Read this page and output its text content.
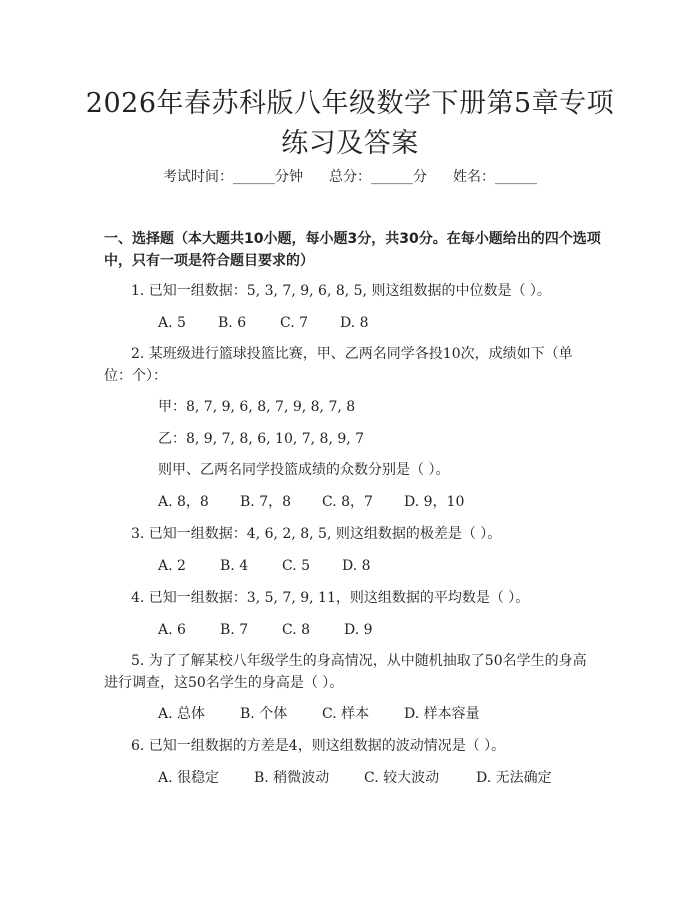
2026年春苏科版八年级数学下册第5章专项
练习及答案
考试时间：______分钟 总分：______分 姓名：______
一、选择题（本大题共10小题，每小题3分，共30分。在每小题给出的四个选项中，只有一项是符合题目要求的）
1. 已知一组数据：5, 3, 7, 9, 6, 8, 5, 则这组数据的中位数是（ ）。
A. 5 B. 6 C. 7 D. 8
2. 某班级进行篮球投篮比赛，甲、乙两名同学各投10次，成绩如下（单位：个）：
甲：8, 7, 9, 6, 8, 7, 9, 8, 7, 8
乙：8, 9, 7, 8, 6, 10, 7, 8, 9, 7
则甲、乙两名同学投篮成绩的众数分别是（ ）。
A. 8，8 B. 7，8 C. 8，7 D. 9，10
3. 已知一组数据：4, 6, 2, 8, 5, 则这组数据的极差是（ ）。
A. 2 B. 4 C. 5 D. 8
4. 已知一组数据：3, 5, 7, 9, 11，则这组数据的平均数是（ ）。
A. 6 B. 7 C. 8 D. 9
5. 为了了解某校八年级学生的身高情况，从中随机抽取了50名学生的身高进行调查，这50名学生的身高是（ ）。
A. 总体 B. 个体 C. 样本 D. 样本容量
6. 已知一组数据的方差是4，则这组数据的波动情况是（ ）。
A. 很稳定 B. 稍微波动 C. 较大波动	D. 无法确定
